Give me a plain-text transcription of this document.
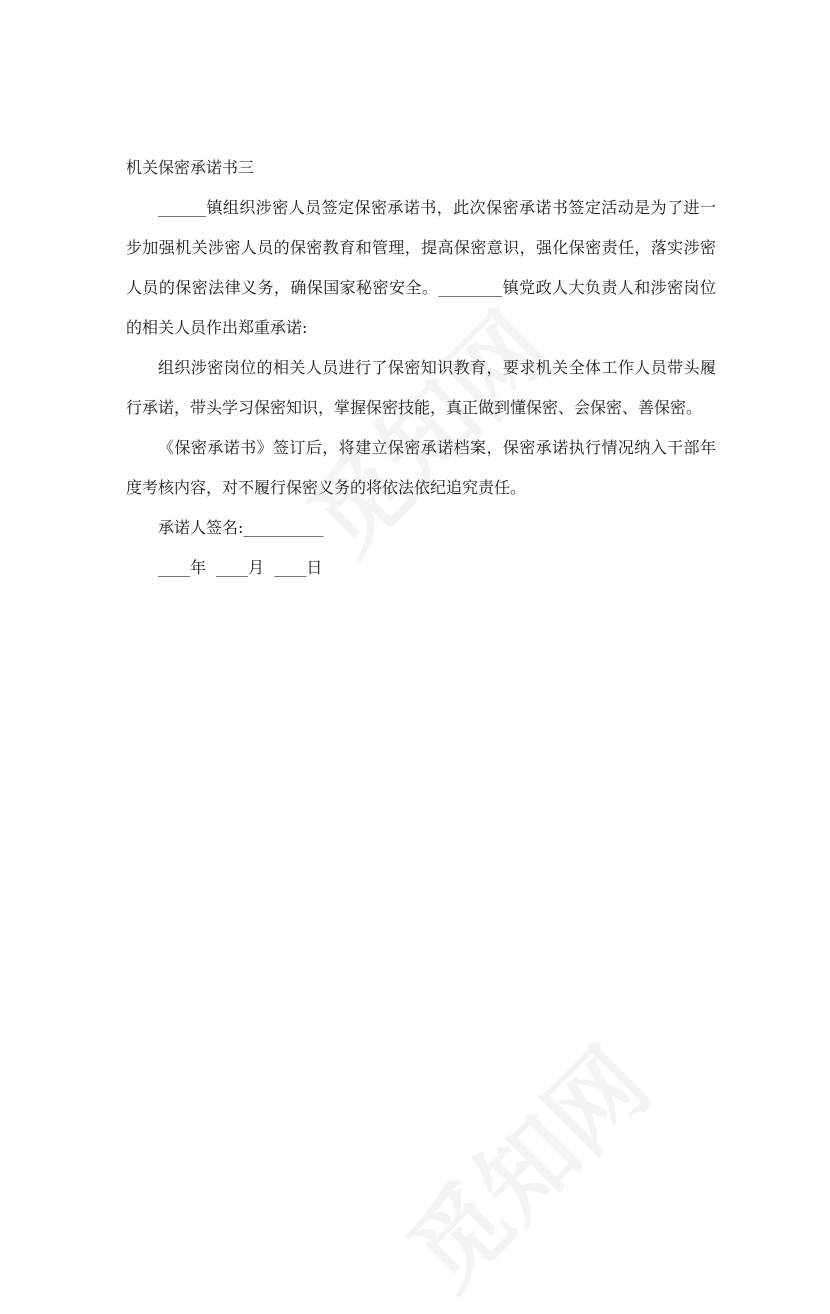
机关保密承诺书三

______镇组织涉密人员签定保密承诺书，此次保密承诺书签定活动是为了进一步加强机关涉密人员的保密教育和管理，提高保密意识，强化保密责任，落实涉密人员的保密法律义务，确保国家秘密安全。________镇党政人大负责人和涉密岗位的相关人员作出郑重承诺:

组织涉密岗位的相关人员进行了保密知识教育，要求机关全体工作人员带头履行承诺，带头学习保密知识，掌握保密技能，真正做到懂保密、会保密、善保密。

《保密承诺书》签订后，将建立保密承诺档案，保密承诺执行情况纳入干部年度考核内容，对不履行保密义务的将依法依纪追究责任。

承诺人签名:__________

____年  ____月  ____日
